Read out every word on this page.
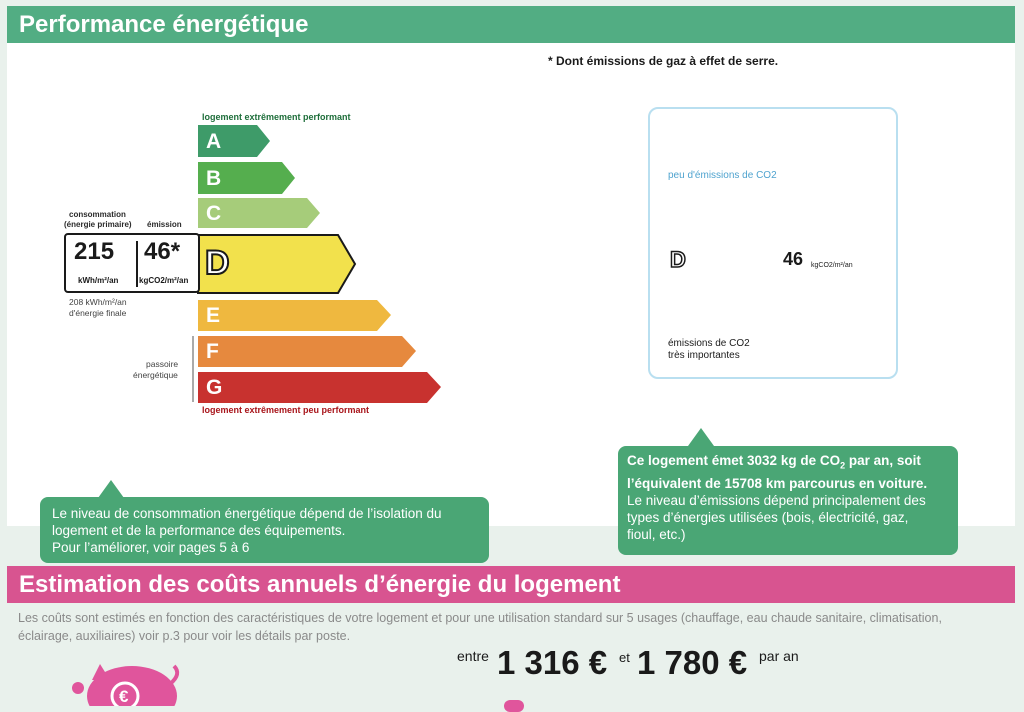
Performance énergétique
* Dont émissions de gaz à effet de serre.
logement extrêmement performant
A
B
C
D
E
F
G
logement extrêmement peu performant
consommation
(énergie primaire) émission
215
kWh/m²/an
46*
kgCO2/m²/an
208 kWh/m²/an
d'énergie finale
passoire
énergétique
peu d'émissions de CO2
A
B
C
D
E
F
G
46 kgCO2/m²/an
émissions de CO2
très importantes
Le niveau de consommation énergétique dépend de l’isolation du
logement et de la performance des équipements.
Pour l’améliorer, voir pages 5 à 6
Ce logement émet 3032 kg de $CO_2$ par an, soit
l’équivalent de 15708 km parcourus en voiture.
Le niveau d’émissions dépend principalement des
types d’énergies utilisées (bois, électricité, gaz,
fioul, etc.)
Estimation des coûts annuels d’énergie du logement
Les coûts sont estimés en fonction des caractéristiques de votre logement et pour une utilisation standard sur 5 usages (chauffage, eau chaude sanitaire, climatisation,
éclairage, auxiliaires) voir p.3 pour voir les détails par poste.
€
entre 1 316 € et 1 780 € par an
